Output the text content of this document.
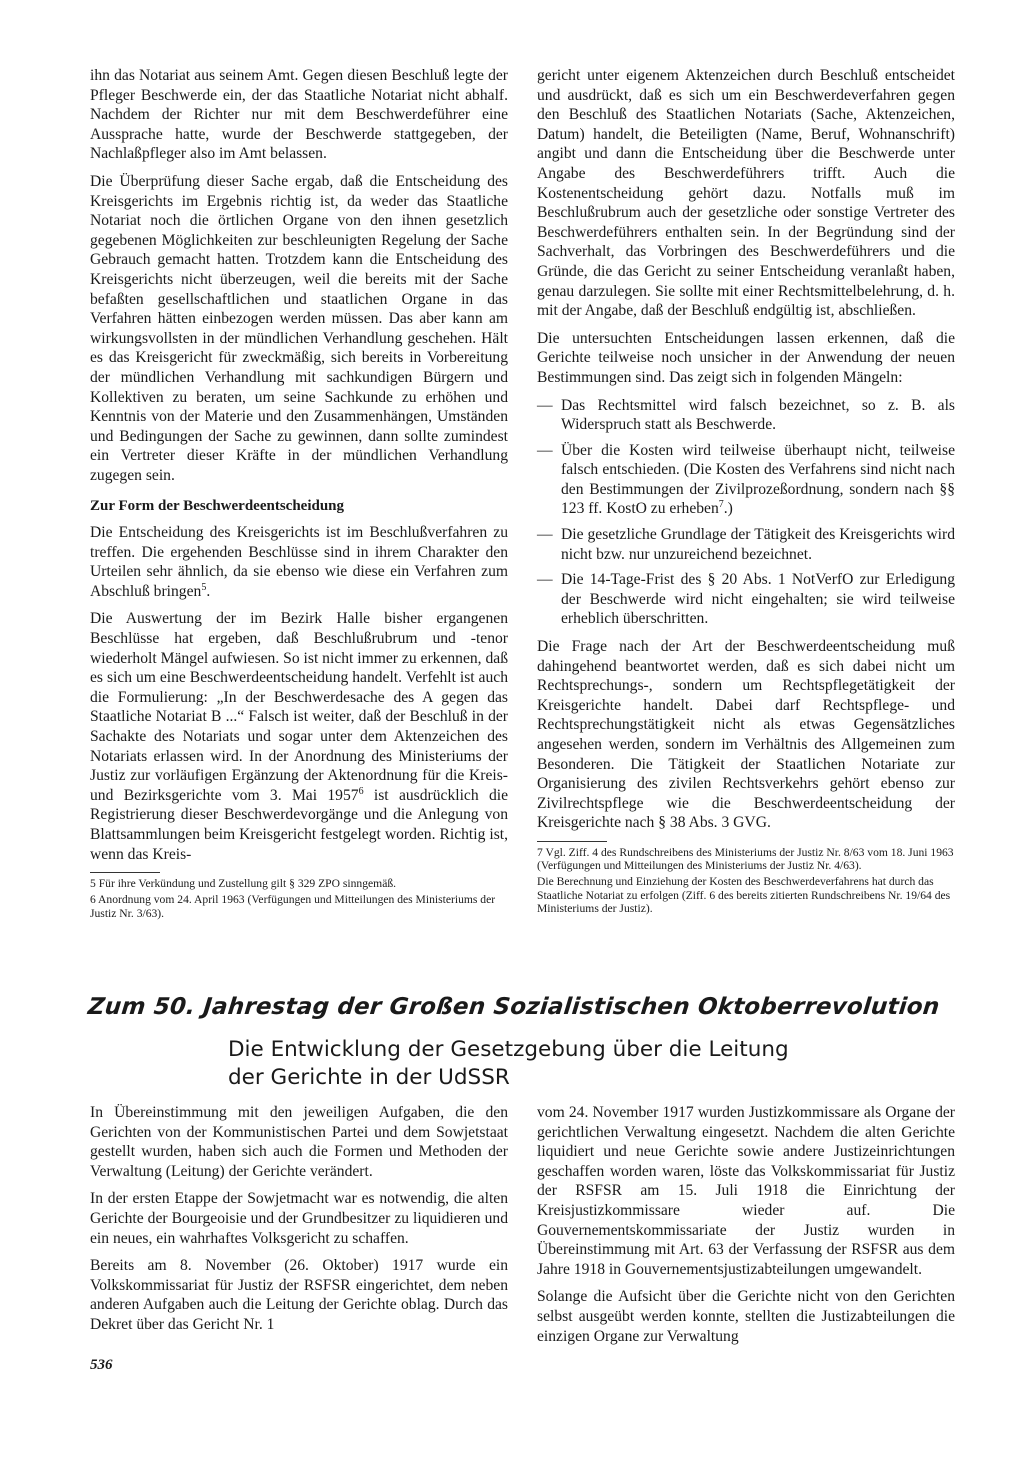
ihn das Notariat aus seinem Amt. Gegen diesen Beschluß legte der Pfleger Beschwerde ein, der das Staatliche Notariat nicht abhalf. Nachdem der Richter nur mit dem Beschwerdeführer eine Aussprache hatte, wurde der Beschwerde stattgegeben, der Nachlaßpfleger also im Amt belassen.

Die Überprüfung dieser Sache ergab, daß die Entscheidung des Kreisgerichts im Ergebnis richtig ist, da weder das Staatliche Notariat noch die örtlichen Organe von den ihnen gesetzlich gegebenen Möglichkeiten zur beschleunigten Regelung der Sache Gebrauch gemacht hatten. Trotzdem kann die Entscheidung des Kreisgerichts nicht überzeugen, weil die bereits mit der Sache befaßten gesellschaftlichen und staatlichen Organe in das Verfahren hätten einbezogen werden müssen. Das aber kann am wirkungsvollsten in der mündlichen Verhandlung geschehen. Hält es das Kreisgericht für zweckmäßig, sich bereits in Vorbereitung der mündlichen Verhandlung mit sachkundigen Bürgern und Kollektiven zu beraten, um seine Sachkunde zu erhöhen und Kenntnis von der Materie und den Zusammenhängen, Umständen und Bedingungen der Sache zu gewinnen, dann sollte zumindest ein Vertreter dieser Kräfte in der mündlichen Verhandlung zugegen sein.

Zur Form der Beschwerdeentscheidung

Die Entscheidung des Kreisgerichts ist im Beschlußverfahren zu treffen. Die ergehenden Beschlüsse sind in ihrem Charakter den Urteilen sehr ähnlich, da sie ebenso wie diese ein Verfahren zum Abschluß bringen$^5$.

Die Auswertung der im Bezirk Halle bisher ergangenen Beschlüsse hat ergeben, daß Beschlußrubrum und -tenor wiederholt Mängel aufwiesen. So ist nicht immer zu erkennen, daß es sich um eine Beschwerdeentscheidung handelt. Verfehlt ist auch die Formulierung: „In der Beschwerdesache des A gegen das Staatliche Notariat B ...“ Falsch ist weiter, daß der Beschluß in der Sachakte des Notariats und sogar unter dem Aktenzeichen des Notariats erlassen wird. In der Anordnung des Ministeriums der Justiz zur vorläufigen Ergänzung der Aktenordnung für die Kreis- und Bezirksgerichte vom 3. Mai 1957$^6$ ist ausdrücklich die Registrierung dieser Beschwerdevorgänge und die Anlegung von Blattsammlungen beim Kreisgericht festgelegt worden. Richtig ist, wenn das Kreis-

5 Für ihre Verkündung und Zustellung gilt § 329 ZPO sinngemäß.

6 Anordnung vom 24. April 1963 (Verfügungen und Mitteilungen des Ministeriums der Justiz Nr. 3/63).

gericht unter eigenem Aktenzeichen durch Beschluß entscheidet und ausdrückt, daß es sich um ein Beschwerdeverfahren gegen den Beschluß des Staatlichen Notariats (Sache, Aktenzeichen, Datum) handelt, die Beteiligten (Name, Beruf, Wohnanschrift) angibt und dann die Entscheidung über die Beschwerde unter Angabe des Beschwerdeführers trifft. Auch die Kostenentscheidung gehört dazu. Notfalls muß im Beschlußrubrum auch der gesetzliche oder sonstige Vertreter des Beschwerdeführers enthalten sein. In der Begründung sind der Sachverhalt, das Vorbringen des Beschwerdeführers und die Gründe, die das Gericht zu seiner Entscheidung veranlaßt haben, genau darzulegen. Sie sollte mit einer Rechtsmittelbelehrung, d. h. mit der Angabe, daß der Beschluß endgültig ist, abschließen.

Die untersuchten Entscheidungen lassen erkennen, daß die Gerichte teilweise noch unsicher in der Anwendung der neuen Bestimmungen sind. Das zeigt sich in folgenden Mängeln:

— Das Rechtsmittel wird falsch bezeichnet, so z. B. als Widerspruch statt als Beschwerde.
— Über die Kosten wird teilweise überhaupt nicht, teilweise falsch entschieden. (Die Kosten des Verfahrens sind nicht nach den Bestimmungen der Zivilprozeßordnung, sondern nach §§ 123 ff. KostO zu erheben$^7$.)
— Die gesetzliche Grundlage der Tätigkeit des Kreisgerichts wird nicht bzw. nur unzureichend bezeichnet.
— Die 14-Tage-Frist des § 20 Abs. 1 NotVerfO zur Erledigung der Beschwerde wird nicht eingehalten; sie wird teilweise erheblich überschritten.

Die Frage nach der Art der Beschwerdeentscheidung muß dahingehend beantwortet werden, daß es sich dabei nicht um Rechtsprechungs-, sondern um Rechtspflegetätigkeit der Kreisgerichte handelt. Dabei darf Rechtspflege- und Rechtsprechungstätigkeit nicht als etwas Gegensätzliches angesehen werden, sondern im Verhältnis des Allgemeinen zum Besonderen. Die Tätigkeit der Staatlichen Notariate zur Organisierung des zivilen Rechtsverkehrs gehört ebenso zur Zivilrechtspflege wie die Beschwerdeentscheidung der Kreisgerichte nach § 38 Abs. 3 GVG.

7 Vgl. Ziff. 4 des Rundschreibens des Ministeriums der Justiz Nr. 8/63 vom 18. Juni 1963 (Verfügungen und Mitteilungen des Ministeriums der Justiz Nr. 4/63).

Die Berechnung und Einziehung der Kosten des Beschwerdeverfahrens hat durch das Staatliche Notariat zu erfolgen (Ziff. 6 des bereits zitierten Rundschreibens Nr. 19/64 des Ministeriums der Justiz).

Zum 50. Jahrestag der Großen Sozialistischen Oktoberrevolution
Die Entwicklung der Gesetzgebung über die Leitung
der Gerichte in der UdSSR

In Übereinstimmung mit den jeweiligen Aufgaben, die den Gerichten von der Kommunistischen Partei und dem Sowjetstaat gestellt wurden, haben sich auch die Formen und Methoden der Verwaltung (Leitung) der Gerichte verändert.

In der ersten Etappe der Sowjetmacht war es notwendig, die alten Gerichte der Bourgeoisie und der Grundbesitzer zu liquidieren und ein neues, ein wahrhaftes Volksgericht zu schaffen.

Bereits am 8. November (26. Oktober) 1917 wurde ein Volkskommissariat für Justiz der RSFSR eingerichtet, dem neben anderen Aufgaben auch die Leitung der Gerichte oblag. Durch das Dekret über das Gericht Nr. 1

vom 24. November 1917 wurden Justizkommissare als Organe der gerichtlichen Verwaltung eingesetzt. Nachdem die alten Gerichte liquidiert und neue Gerichte sowie andere Justizeinrichtungen geschaffen worden waren, löste das Volkskommissariat für Justiz der RSFSR am 15. Juli 1918 die Einrichtung der Kreisjustizkommissare wieder auf. Die Gouvernementskommissariate der Justiz wurden in Übereinstimmung mit Art. 63 der Verfassung der RSFSR aus dem Jahre 1918 in Gouvernementsjustizabteilungen umgewandelt.

Solange die Aufsicht über die Gerichte nicht von den Gerichten selbst ausgeübt werden konnte, stellten die Justizabteilungen die einzigen Organe zur Verwaltung

536
